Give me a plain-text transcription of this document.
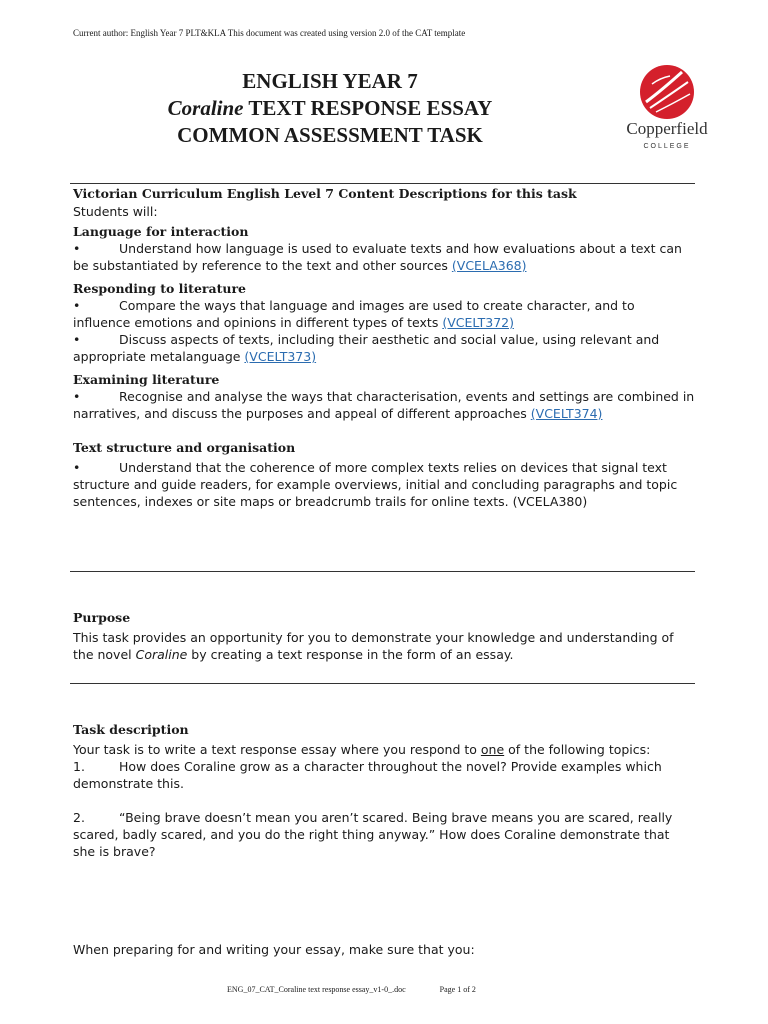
Current author: English Year 7 PLT&KLA This document was created using version 2.0 of the CAT template
ENGLISH YEAR 7
Coraline TEXT RESPONSE ESSAY
COMMON ASSESSMENT TASK	Copperfield
COLLEGE
Victorian Curriculum English Level 7 Content Descriptions for this task
Students will:
Language for interaction
•	Understand how language is used to evaluate texts and how evaluations about a text can be substantiated by reference to the text and other sources (VCELA368)
Responding to literature
•	Compare the ways that language and images are used to create character, and to influence emotions and opinions in different types of texts (VCELT372)
•	Discuss aspects of texts, including their aesthetic and social value, using relevant and appropriate metalanguage (VCELT373)
Examining literature
•	Recognise and analyse the ways that characterisation, events and settings are combined in narratives, and discuss the purposes and appeal of different approaches (VCELT374)
Text structure and organisation
•	Understand that the coherence of more complex texts relies on devices that signal text structure and guide readers, for example overviews, initial and concluding paragraphs and topic sentences, indexes or site maps or breadcrumb trails for online texts. (VCELA380)
Purpose
This task provides an opportunity for you to demonstrate your knowledge and understanding of the novel Coraline by creating a text response in the form of an essay.
Task description
Your task is to write a text response essay where you respond to one of the following topics:
1.	How does Coraline grow as a character throughout the novel? Provide examples which demonstrate this.
2.	“Being brave doesn’t mean you aren’t scared. Being brave means you are scared, really scared, badly scared, and you do the right thing anyway.” How does Coraline demonstrate that she is brave?
When preparing for and writing your essay, make sure that you:
ENG_07_CAT_Coraline text response essay_v1-0_.doc	Page 1 of 2
